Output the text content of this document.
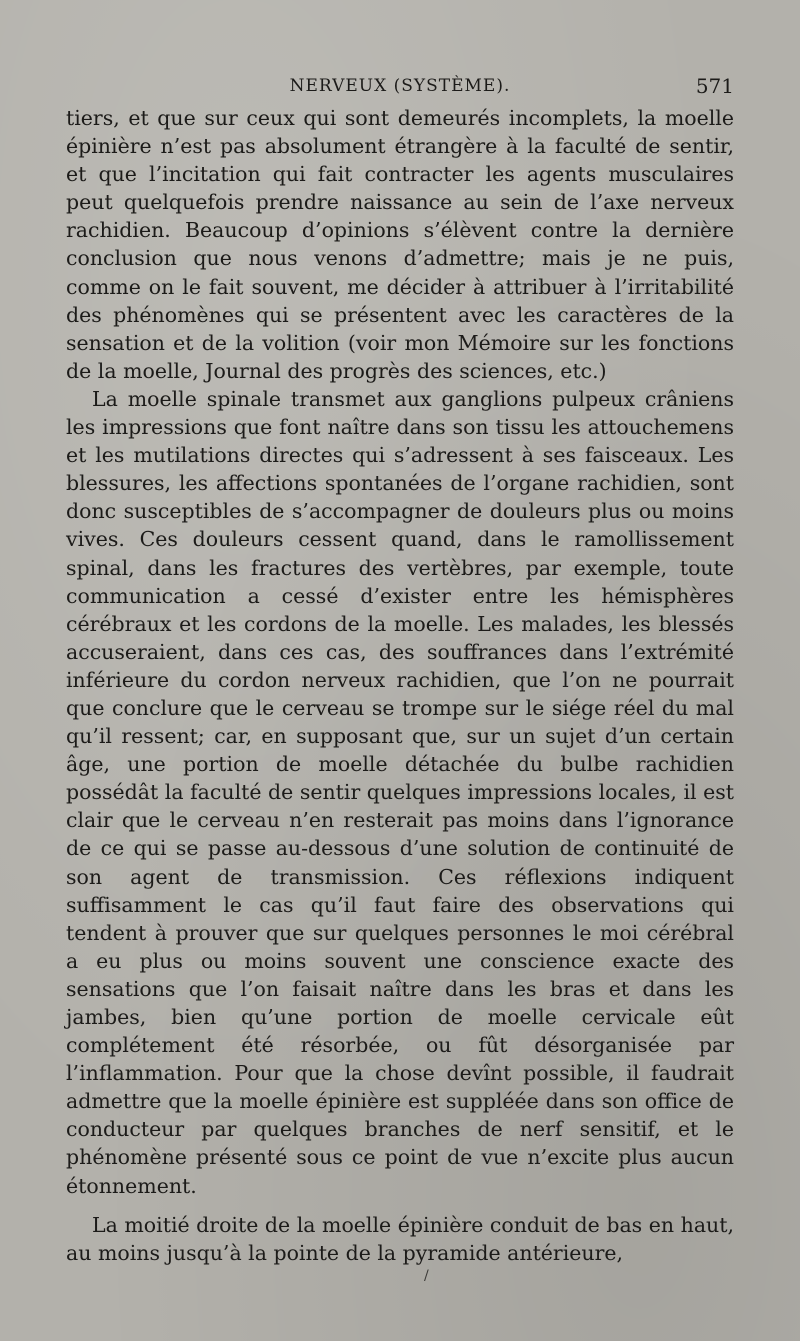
NERVEUX (SYSTÈME).	571

tiers, et que sur ceux qui sont demeurés incomplets, la moelle épinière n’est pas absolument étrangère à la faculté de sentir, et que l’incitation qui fait contracter les agents musculaires peut quelquefois prendre naissance au sein de l’axe nerveux rachidien. Beaucoup d’opinions s’élèvent contre la dernière conclusion que nous venons d’admettre; mais je ne puis, comme on le fait souvent, me décider à attribuer à l’irritabilité des phénomènes qui se présentent avec les caractères de la sensation et de la volition (voir mon Mémoire sur les fonctions de la moelle, Journal des progrès des sciences, etc.)

La moelle spinale transmet aux ganglions pulpeux crâniens les impressions que font naître dans son tissu les attouchemens et les mutilations directes qui s’adressent à ses faisceaux. Les blessures, les affections spontanées de l’organe rachidien, sont donc susceptibles de s’accompagner de douleurs plus ou moins vives. Ces douleurs cessent quand, dans le ramollissement spinal, dans les fractures des vertèbres, par exemple, toute communication a cessé d’exister entre les hémisphères cérébraux et les cordons de la moelle. Les malades, les blessés accuseraient, dans ces cas, des souffrances dans l’extrémité inférieure du cordon nerveux rachidien, que l’on ne pourrait que conclure que le cerveau se trompe sur le siége réel du mal qu’il ressent; car, en supposant que, sur un sujet d’un certain âge, une portion de moelle détachée du bulbe rachidien possédât la faculté de sentir quelques impressions locales, il est clair que le cerveau n’en resterait pas moins dans l’ignorance de ce qui se passe au-dessous d’une solution de continuité de son agent de transmission. Ces réflexions indiquent suffisamment le cas qu’il faut faire des observations qui tendent à prouver que sur quelques personnes le moi cérébral a eu plus ou moins souvent une conscience exacte des sensations que l’on faisait naître dans les bras et dans les jambes, bien qu’une portion de moelle cervicale eût complétement été résorbée, ou fût désorganisée par l’inflammation. Pour que la chose devînt possible, il faudrait admettre que la moelle épinière est suppléée dans son office de conducteur par quelques branches de nerf sensitif, et le phénomène présenté sous ce point de vue n’excite plus aucun étonnement.

La moitié droite de la moelle épinière conduit de bas en haut, au moins jusqu’à la pointe de la pyramide antérieure,

/
